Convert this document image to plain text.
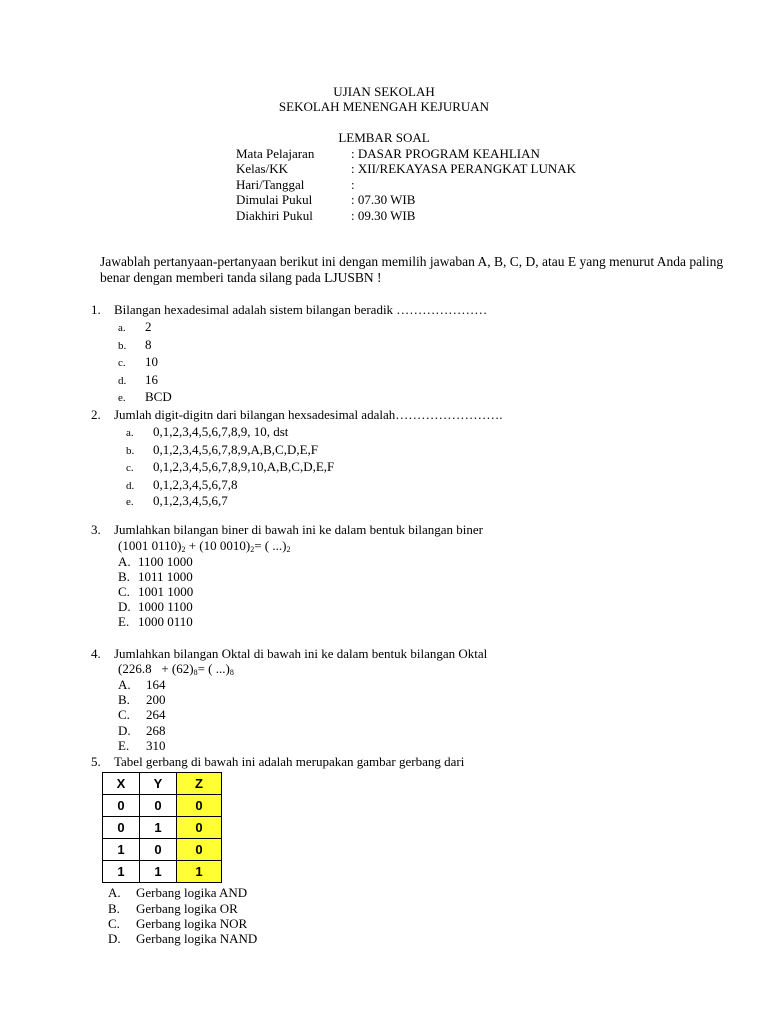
UJIAN SEKOLAH
SEKOLAH MENENGAH KEJURUAN
LEMBAR SOAL
Mata Pelajaran	: DASAR PROGRAM KEAHLIAN
Kelas/KK	: XII/REKAYASA PERANGKAT LUNAK
Hari/Tanggal	:
Dimulai Pukul	: 07.30 WIB
Diakhiri Pukul	: 09.30 WIB
Jawablah pertanyaan-pertanyaan berikut ini dengan memilih jawaban A, B, C, D, atau E yang menurut Anda paling benar dengan memberi tanda silang pada LJUSBN !
1. Bilangan hexadesimal adalah sistem bilangan beradik …………………
a. 2
b. 8
c. 10
d. 16
e. BCD
2. Jumlah digit-digitn dari bilangan hexsadesimal adalah…………………….
a. 0,1,2,3,4,5,6,7,8,9, 10, dst
b. 0,1,2,3,4,5,6,7,8,9,A,B,C,D,E,F
c. 0,1,2,3,4,5,6,7,8,9,10,A,B,C,D,E,F
d. 0,1,2,3,4,5,6,7,8
e. 0,1,2,3,4,5,6,7
3. Jumlahkan bilangan biner di bawah ini ke dalam bentuk bilangan biner
(1001 $0110)_2 + (10$ $0010)_2=$ ( $...)_2$
A. 1100 1000
B. 1011 1000
C. 1001 1000
D. 1000 1100
E. 1000 0110
4. Jumlahkan bilangan Oktal di bawah ini ke dalam bentuk bilangan Oktal
($226.8 + (62)_8=$ ( $...)_8$
A. 164
B. 200
C. 264
D. 268
E. 310
5. Tabel gerbang di bawah ini adalah merupakan gambar gerbang dari
X	Y	Z
0	0	0
0	1	0
1	0	0
1	1	1
A. Gerbang logika AND
B. Gerbang logika OR
C. Gerbang logika NOR
D. Gerbang logika NAND
